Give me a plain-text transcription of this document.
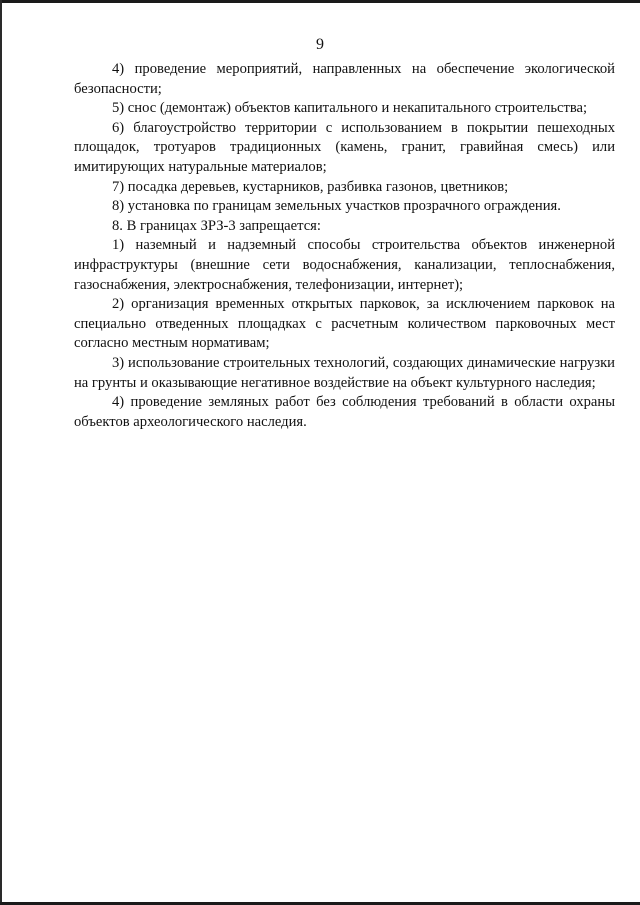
9

4) проведение мероприятий, направленных на обеспечение экологической безопасности;

5) снос (демонтаж) объектов капитального и некапитального строительства;

6) благоустройство территории с использованием в покрытии пешеходных площадок, тротуаров традиционных (камень, гранит, гравийная смесь) или имитирующих натуральные материалов;

7) посадка деревьев, кустарников, разбивка газонов, цветников;

8) установка по границам земельных участков прозрачного ограждения.

8. В границах ЗРЗ-3 запрещается:

1) наземный и надземный способы строительства объектов инженерной инфраструктуры (внешние сети водоснабжения, канализации, теплоснабжения, газоснабжения, электроснабжения, телефонизации, интернет);

2) организация временных открытых парковок, за исключением парковок на специально отведенных площадках с расчетным количеством парковочных мест согласно местным нормативам;

3) использование строительных технологий, создающих динамические нагрузки на грунты и оказывающие негативное воздействие на объект культурного наследия;

4) проведение земляных работ без соблюдения требований в области охраны объектов археологического наследия.
